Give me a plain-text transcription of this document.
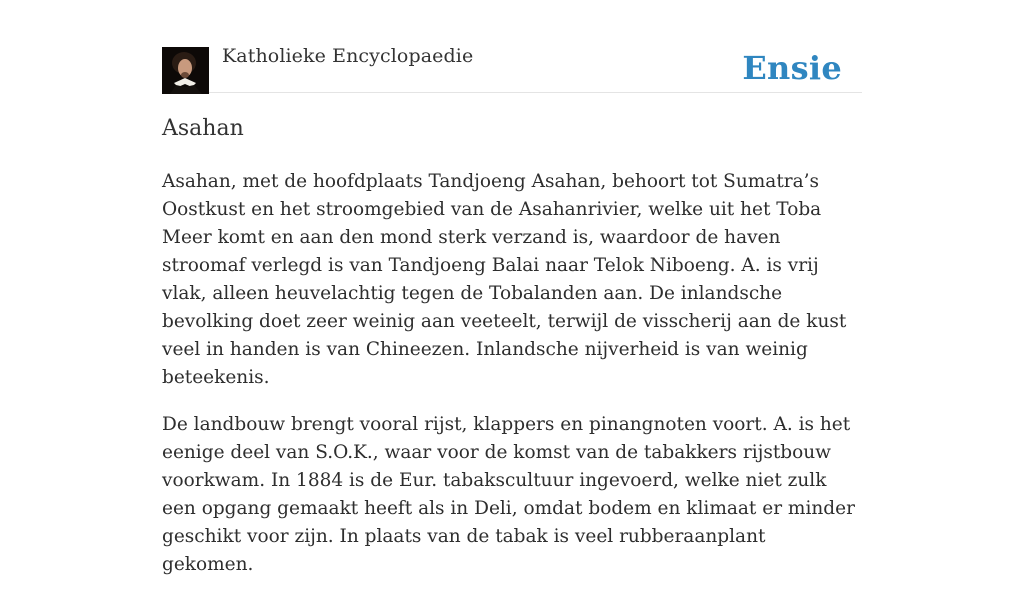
Katholieke Encyclopaedie	Ensie
Asahan

Asahan, met de hoofdplaats Tandjoeng Asahan, behoort tot Sumatra’s Oostkust en het stroomgebied van de Asahanrivier, welke uit het Toba Meer komt en aan den mond sterk verzand is, waardoor de haven stroomaf verlegd is van Tandjoeng Balai naar Telok Niboeng. A. is vrij vlak, alleen heuvelachtig tegen de Tobalanden aan. De inlandsche bevolking doet zeer weinig aan veeteelt, terwijl de visscherij aan de kust veel in handen is van Chineezen. Inlandsche nijverheid is van weinig beteekenis.

De landbouw brengt vooral rijst, klappers en pinangnoten voort. A. is het eenige deel van S.O.K., waar voor de komst van de tabakkers rijstbouw voorkwam. In 1884 is de Eur. tabakscultuur ingevoerd, welke niet zulk een opgang gemaakt heeft als in Deli, omdat bodem en klimaat er minder geschikt voor zijn. In plaats van de tabak is veel rubberaanplant gekomen.
